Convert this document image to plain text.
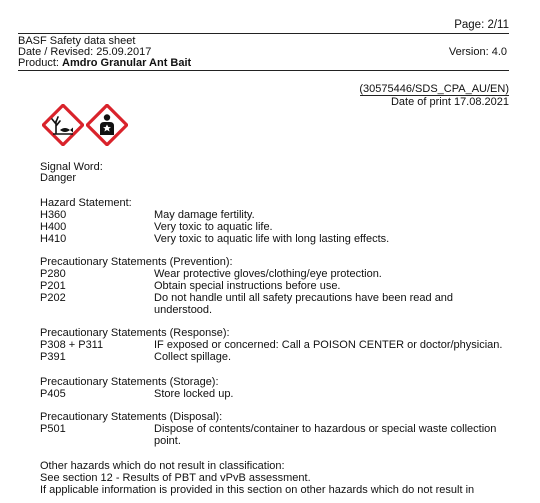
Page: 2/11
BASF Safety data sheet
Date / Revised: 25.09.2017	Version: 4.0
Product: Amdro Granular Ant Bait
(30575446/SDS_CPA_AU/EN)
Date of print 17.08.2021
Signal Word:
Danger
Hazard Statement:
H360	May damage fertility.
H400	Very toxic to aquatic life.
H410	Very toxic to aquatic life with long lasting effects.
Precautionary Statements (Prevention):
P280	Wear protective gloves/clothing/eye protection.
P201	Obtain special instructions before use.
P202	Do not handle until all safety precautions have been read and
understood.
Precautionary Statements (Response):
P308 + P311	IF exposed or concerned: Call a POISON CENTER or doctor/physician.
P391	Collect spillage.
Precautionary Statements (Storage):
P405	Store locked up.
Precautionary Statements (Disposal):
P501	Dispose of contents/container to hazardous or special waste collection
point.
Other hazards which do not result in classification:
See section 12 - Results of PBT and vPvB assessment.
If applicable information is provided in this section on other hazards which do not result in
